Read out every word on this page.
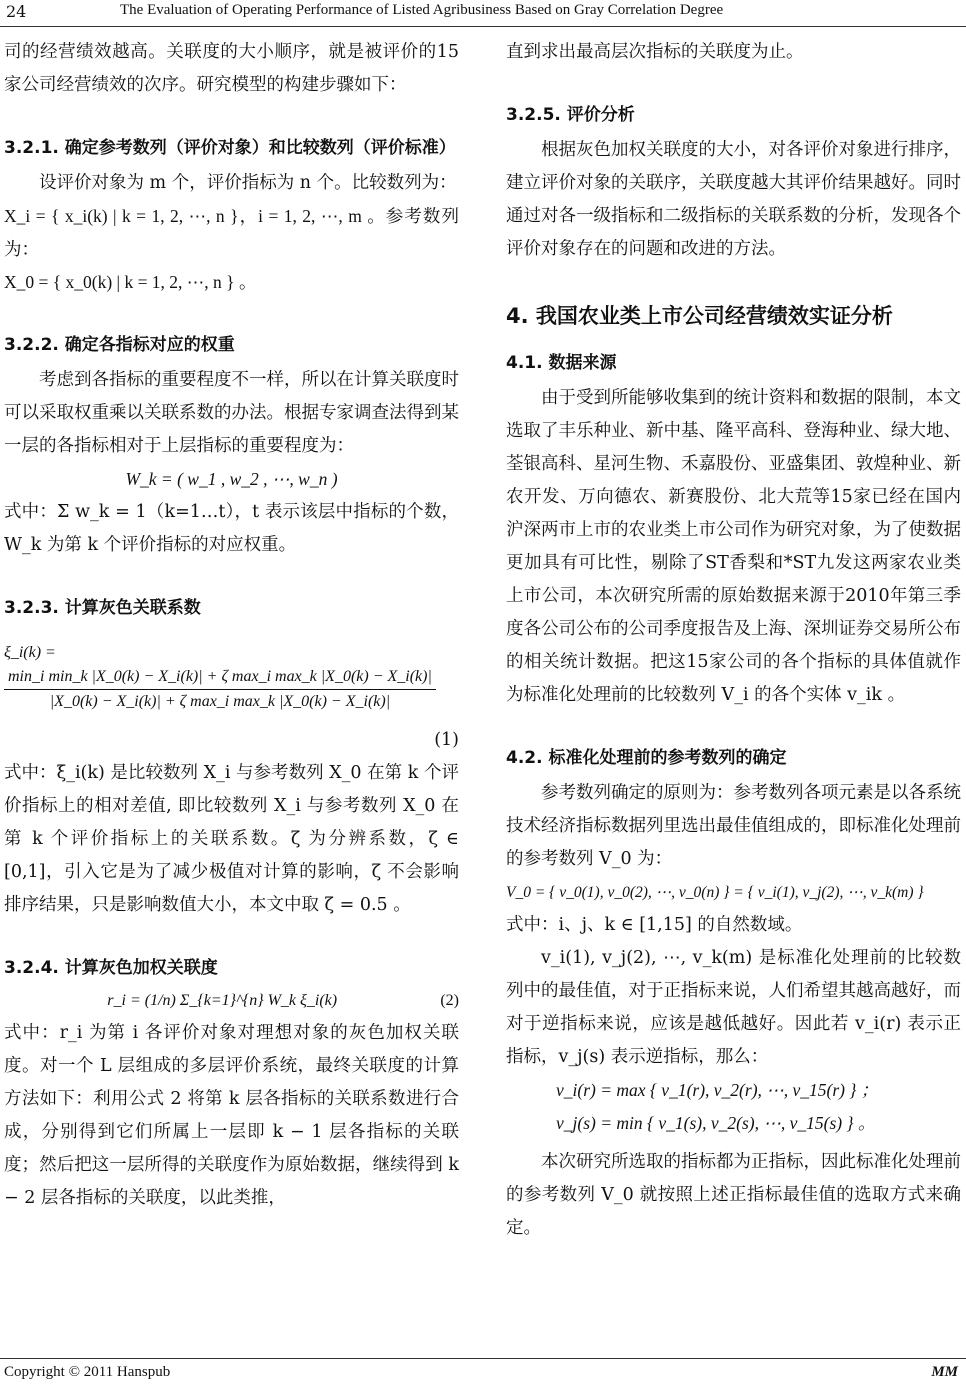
24	The Evaluation of Operating Performance of Listed Agribusiness Based on Gray Correlation Degree

司的经营绩效越高。关联度的大小顺序，就是被评价的15家公司经营绩效的次序。研究模型的构建步骤如下：

3.2.1. 确定参考数列（评价对象）和比较数列（评价标准）

设评价对象为 m 个，评价指标为 n 个。比较数列为：

X_i = { x_i(k) | k = 1, 2, ⋯, n }，i = 1, 2, ⋯, m 。参考数列为：

X_0 = { x_0(k) | k = 1, 2, ⋯, n } 。

3.2.2. 确定各指标对应的权重

考虑到各指标的重要程度不一样，所以在计算关联度时可以采取权重乘以关联系数的办法。根据专家调查法得到某一层的各指标相对于上层指标的重要程度为：

W_k = ( w_1 , w_2 , ⋯, w_n )

式中：Σ w_k = 1（k=1…t），t 表示该层中指标的个数，W_k 为第 k 个评价指标的对应权重。

3.2.3. 计算灰色关联系数

ξ_i(k) =
min_i min_k |X_0(k) − X_i(k)| + ζ max_i max_k |X_0(k) − X_i(k)|
|X_0(k) − X_i(k)| + ζ max_i max_k |X_0(k) − X_i(k)|

(1)

式中：ξ_i(k) 是比较数列 X_i 与参考数列 X_0 在第 k 个评价指标上的相对差值, 即比较数列 X_i 与参考数列 X_0 在第 k 个评价指标上的关联系数。ζ 为分辨系数，ζ ∈ [0,1]，引入它是为了减少极值对计算的影响，ζ 不会影响排序结果，只是影响数值大小，本文中取 ζ = 0.5 。

3.2.4. 计算灰色加权关联度

r_i = (1/n) Σ_{k=1}^{n} W_k ξ_i(k)	(2)

式中：r_i 为第 i 各评价对象对理想对象的灰色加权关联度。对一个 L 层组成的多层评价系统，最终关联度的计算方法如下：利用公式 2 将第 k 层各指标的关联系数进行合成，分别得到它们所属上一层即 k − 1 层各指标的关联度；然后把这一层所得的关联度作为原始数据，继续得到 k − 2 层各指标的关联度，以此类推，

直到求出最高层次指标的关联度为止。

3.2.5. 评价分析

根据灰色加权关联度的大小，对各评价对象进行排序，建立评价对象的关联序，关联度越大其评价结果越好。同时通过对各一级指标和二级指标的关联系数的分析，发现各个评价对象存在的问题和改进的方法。

4. 我国农业类上市公司经营绩效实证分析

4.1. 数据来源

由于受到所能够收集到的统计资料和数据的限制，本文选取了丰乐种业、新中基、隆平高科、登海种业、绿大地、荃银高科、星河生物、禾嘉股份、亚盛集团、敦煌种业、新农开发、万向德农、新赛股份、北大荒等15家已经在国内沪深两市上市的农业类上市公司作为研究对象，为了使数据更加具有可比性，剔除了ST香梨和*ST九发这两家农业类上市公司，本次研究所需的原始数据来源于2010年第三季度各公司公布的公司季度报告及上海、深圳证券交易所公布的相关统计数据。把这15家公司的各个指标的具体值就作为标准化处理前的比较数列 V_i 的各个实体 v_ik 。

4.2. 标准化处理前的参考数列的确定

参考数列确定的原则为：参考数列各项元素是以各系统技术经济指标数据列里选出最佳值组成的，即标准化处理前的参考数列 V_0 为：

V_0 = { v_0(1), v_0(2), ⋯, v_0(n) } = { v_i(1), v_j(2), ⋯, v_k(m) }

式中：i、j、k ∈ [1,15] 的自然数域。

v_i(1), v_j(2), ⋯, v_k(m) 是标准化处理前的比较数列中的最佳值，对于正指标来说，人们希望其越高越好，而对于逆指标来说，应该是越低越好。因此若 v_i(r) 表示正指标，v_j(s) 表示逆指标，那么：

v_i(r) = max { v_1(r), v_2(r), ⋯, v_15(r) } ；

v_j(s) = min { v_1(s), v_2(s), ⋯, v_15(s) } 。

本次研究所选取的指标都为正指标，因此标准化处理前的参考数列 V_0 就按照上述正指标最佳值的选取方式来确定。

Copyright © 2011 Hanspub	MM
